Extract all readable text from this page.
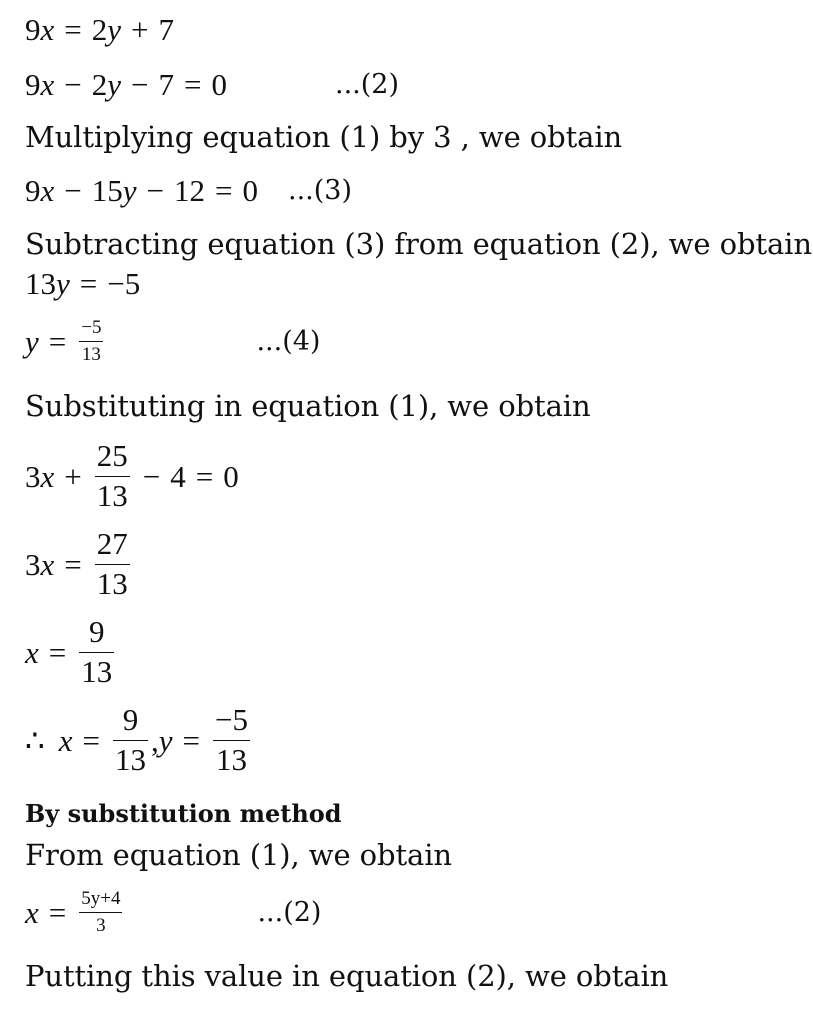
9 x = 2 y + 7
9 x − 2 y − 7 = 0	...(2)
Multiplying equation (1) by 3 , we obtain
9 x − 15 y − 12 = 0 ...(3)
Subtracting equation (3) from equation (2), we obtain
13 y = −5
$y = \frac{-5}{13}$	...(4)
Substituting in equation (1), we obtain
3 $x + \frac{25}{13} - 4 = 0$
3 $x = \frac{27}{13}$
$x = \frac{9}{13}$
∴ $x = \frac{9}{13}$ , $y = \frac{-5}{13}$
By substitution method
From equation (1), we obtain
$x = \frac{5y+4}{3}$	...(2)
Putting this value in equation (2), we obtain
